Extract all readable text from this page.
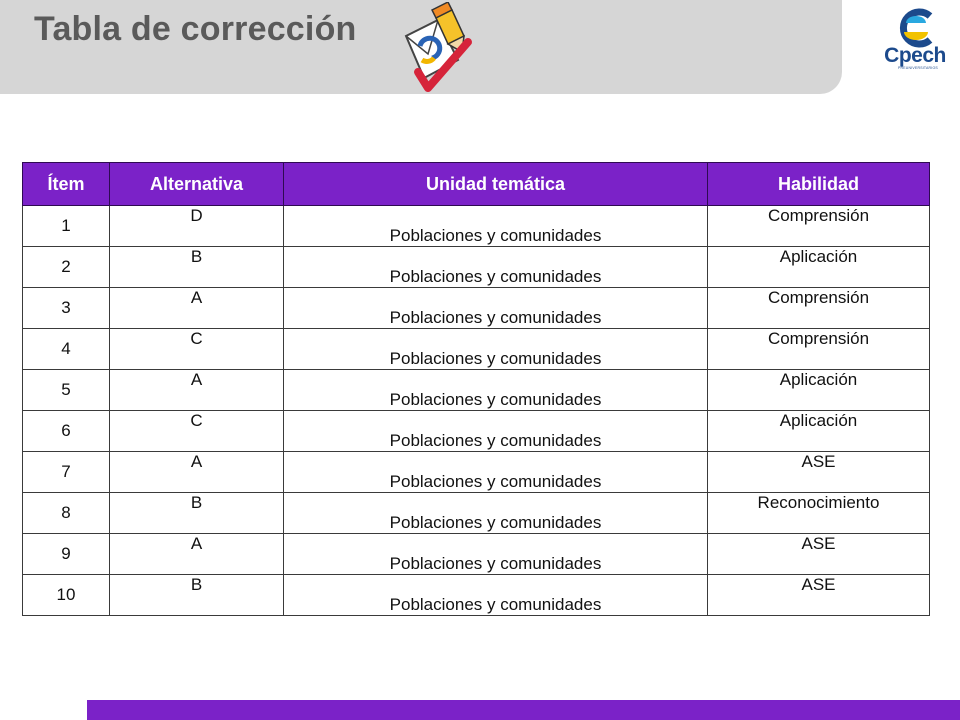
Tabla de corrección
Cpech
PREUNIVERSITARIOS
Ítem	Alternativa	Unidad temática	Habilidad
1	D	Poblaciones y comunidades	Comprensión
2	B	Poblaciones y comunidades	Aplicación
3	A	Poblaciones y comunidades	Comprensión
4	C	Poblaciones y comunidades	Comprensión
5	A	Poblaciones y comunidades	Aplicación
6	C	Poblaciones y comunidades	Aplicación
7	A	Poblaciones y comunidades	ASE
8	B	Poblaciones y comunidades	Reconocimiento
9	A	Poblaciones y comunidades	ASE
10	B	Poblaciones y comunidades	ASE
